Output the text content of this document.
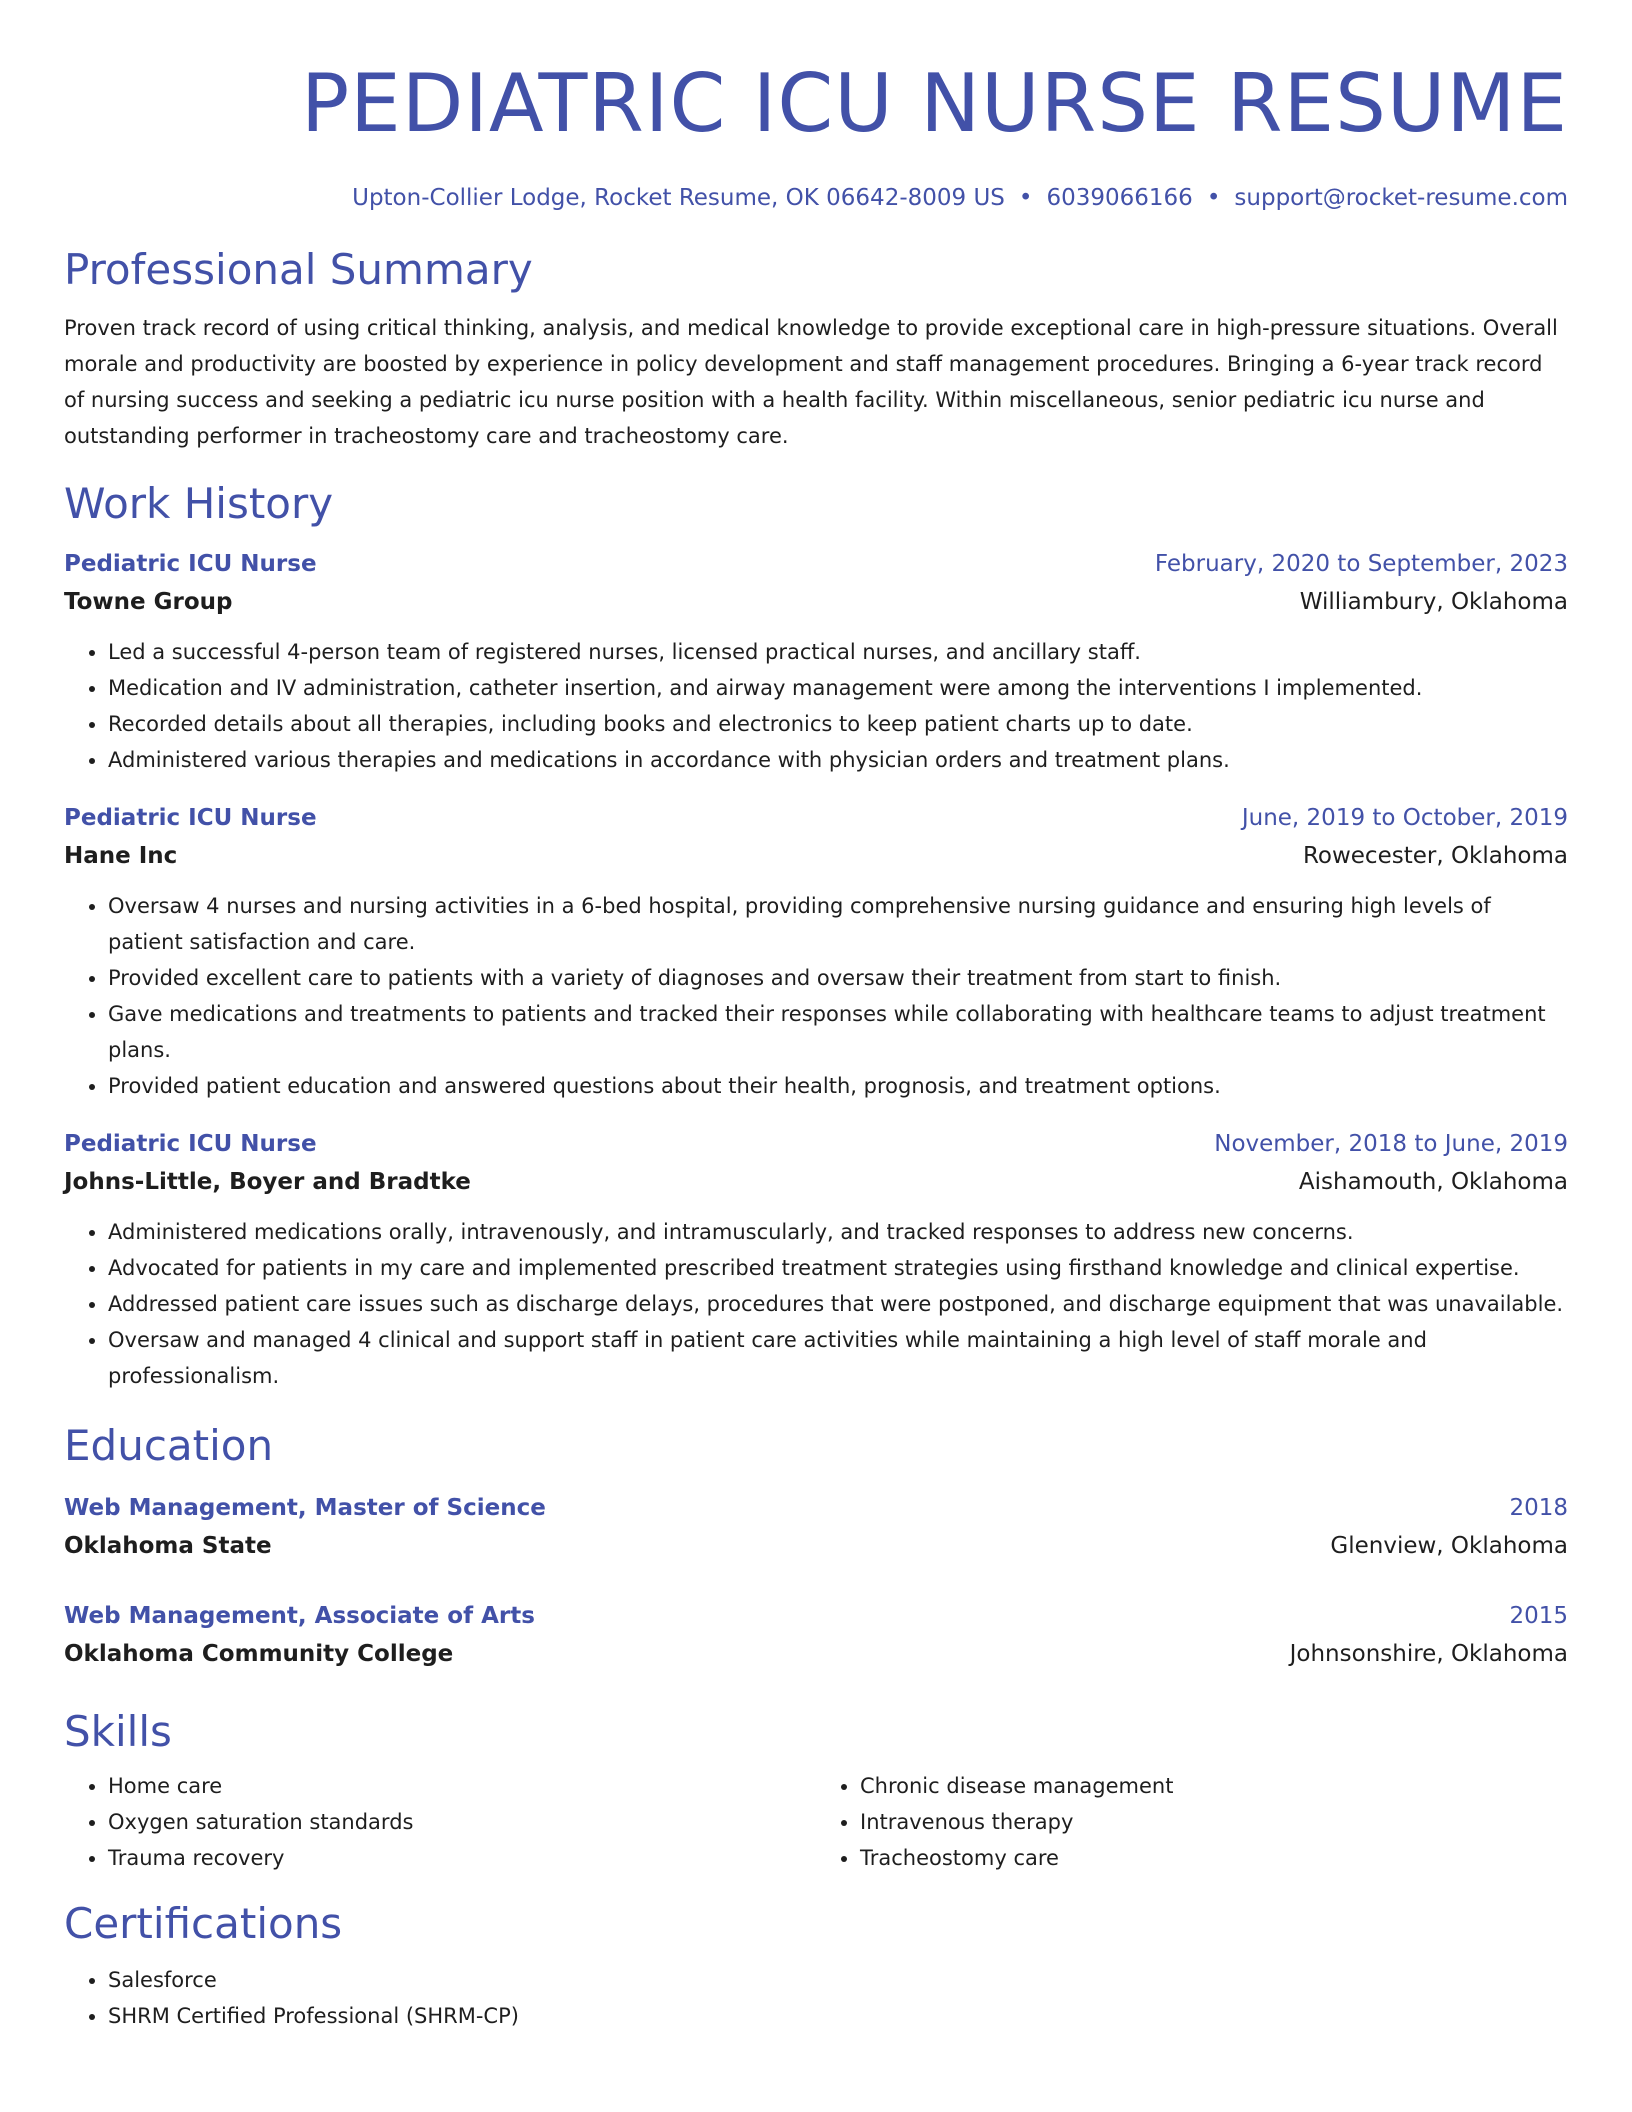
PEDIATRIC ICU NURSE RESUME
Upton-Collier Lodge, Rocket Resume, OK 06642-8009 US • 6039066166 • support@rocket-resume.com
Professional Summary

Proven track record of using critical thinking, analysis, and medical knowledge to provide exceptional care in high-pressure situations. Overall morale and productivity are boosted by experience in policy development and staff management procedures. Bringing a 6-year track record of nursing success and seeking a pediatric icu nurse position with a health facility. Within miscellaneous, senior pediatric icu nurse and outstanding performer in tracheostomy care and tracheostomy care.

Work History
Pediatric ICU Nurse	February, 2020 to September, 2023
Towne Group	Williambury, Oklahoma
• Led a successful 4-person team of registered nurses, licensed practical nurses, and ancillary staff.
• Medication and IV administration, catheter insertion, and airway management were among the interventions I implemented.
• Recorded details about all therapies, including books and electronics to keep patient charts up to date.
• Administered various therapies and medications in accordance with physician orders and treatment plans.
Pediatric ICU Nurse	June, 2019 to October, 2019
Hane Inc	Rowecester, Oklahoma
• Oversaw 4 nurses and nursing activities in a 6-bed hospital, providing comprehensive nursing guidance and ensuring high levels of patient satisfaction and care.
• Provided excellent care to patients with a variety of diagnoses and oversaw their treatment from start to finish.
• Gave medications and treatments to patients and tracked their responses while collaborating with healthcare teams to adjust treatment plans.
• Provided patient education and answered questions about their health, prognosis, and treatment options.
Pediatric ICU Nurse	November, 2018 to June, 2019
Johns-Little, Boyer and Bradtke	Aishamouth, Oklahoma
• Administered medications orally, intravenously, and intramuscularly, and tracked responses to address new concerns.
• Advocated for patients in my care and implemented prescribed treatment strategies using firsthand knowledge and clinical expertise.
• Addressed patient care issues such as discharge delays, procedures that were postponed, and discharge equipment that was unavailable.
• Oversaw and managed 4 clinical and support staff in patient care activities while maintaining a high level of staff morale and professionalism.
Education
Web Management, Master of Science	2018
Oklahoma State	Glenview, Oklahoma
Web Management, Associate of Arts	2015
Oklahoma Community College	Johnsonshire, Oklahoma
Skills
• Home care
• Oxygen saturation standards
• Trauma recovery
• Chronic disease management
• Intravenous therapy
• Tracheostomy care
Certifications
• Salesforce
• SHRM Certified Professional (SHRM-CP)
